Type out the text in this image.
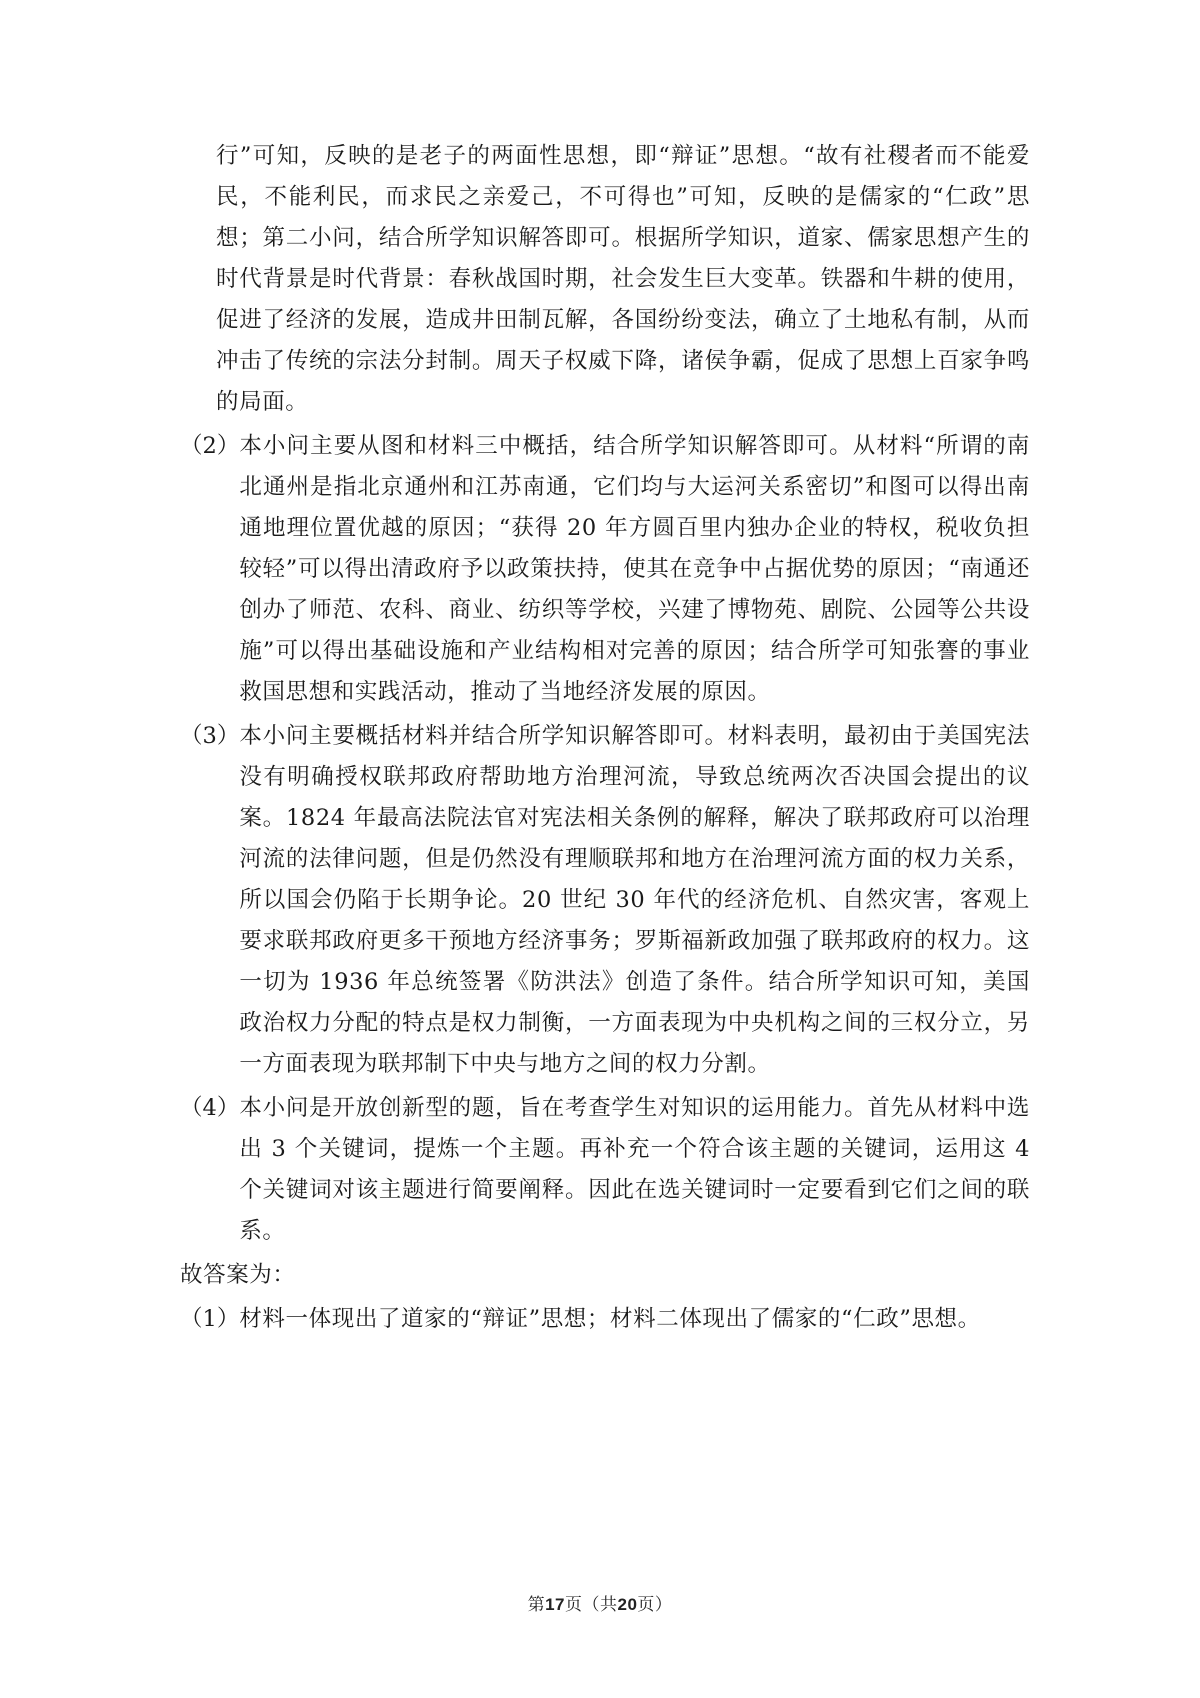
行”可知，反映的是老子的两面性思想，即“辩证”思想。“故有社稷者而不能爱民，不能利民，而求民之亲爱己，不可得也”可知，反映的是儒家的“仁政”思想；第二小问，结合所学知识解答即可。根据所学知识，道家、儒家思想产生的时代背景是时代背景：春秋战国时期，社会发生巨大变革。铁器和牛耕的使用，促进了经济的发展，造成井田制瓦解，各国纷纷变法，确立了土地私有制，从而冲击了传统的宗法分封制。周天子权威下降，诸侯争霸，促成了思想上百家争鸣的局面。

（2） 本小问主要从图和材料三中概括，结合所学知识解答即可。从材料“所谓的南北通州是指北京通州和江苏南通，它们均与大运河关系密切”和图可以得出南通地理位置优越的原因；“获得 20 年方圆百里内独办企业的特权，税收负担较轻”可以得出清政府予以政策扶持，使其在竞争中占据优势的原因；“南通还创办了师范、农科、商业、纺织等学校，兴建了博物苑、剧院、公园等公共设施”可以得出基础设施和产业结构相对完善的原因；结合所学可知张謇的事业救国思想和实践活动，推动了当地经济发展的原因。
（3） 本小问主要概括材料并结合所学知识解答即可。材料表明，最初由于美国宪法没有明确授权联邦政府帮助地方治理河流，导致总统两次否决国会提出的议案。1824 年最高法院法官对宪法相关条例的解释，解决了联邦政府可以治理河流的法律问题，但是仍然没有理顺联邦和地方在治理河流方面的权力关系，所以国会仍陷于长期争论。20 世纪 30 年代的经济危机、自然灾害，客观上要求联邦政府更多干预地方经济事务；罗斯福新政加强了联邦政府的权力。这一切为 1936 年总统签署《防洪法》创造了条件。结合所学知识可知，美国政治权力分配的特点是权力制衡，一方面表现为中央机构之间的三权分立，另一方面表现为联邦制下中央与地方之间的权力分割。
（4） 本小问是开放创新型的题，旨在考查学生对知识的运用能力。首先从材料中选出 3 个关键词，提炼一个主题。再补充一个符合该主题的关键词，运用这 4 个关键词对该主题进行简要阐释。因此在选关键词时一定要看到它们之间的联系。

故答案为：

（1） 材料一体现出了道家的“辩证”思想；材料二体现出了儒家的“仁政”思想。
第17页（共20页）
